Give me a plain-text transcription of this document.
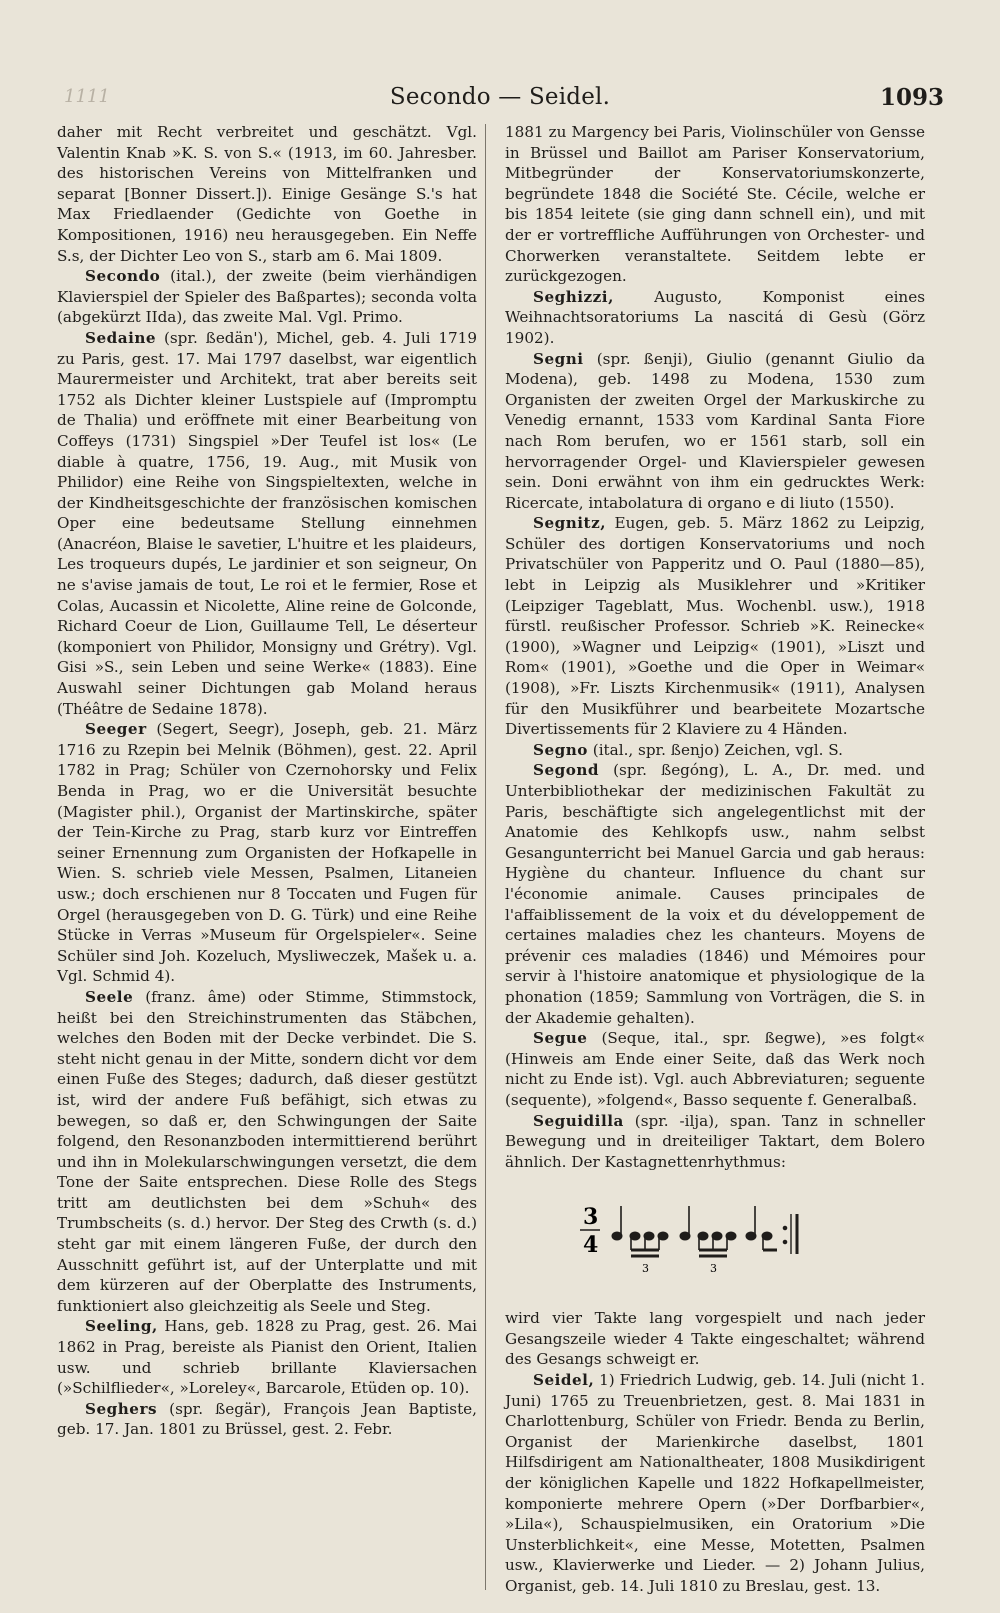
1111	Secondo — Seidel.	1093

daher mit Recht verbreitet und geschätzt. Vgl. Valentin Knab »K. S. von S.« (1913, im 60. Jahresber. des historischen Vereins von Mittelfranken und separat [Bonner Dissert.]). Einige Gesänge S.'s hat Max Friedlaender (Gedichte von Goethe in Kompositionen, 1916) neu herausgegeben. Ein Neffe S.s, der Dichter Leo von S., starb am 6. Mai 1809.

Secondo (ital.), der zweite (beim vierhändigen Klavierspiel der Spieler des Baßpartes); seconda volta (abgekürzt IIda), das zweite Mal. Vgl. Primo.

Sedaine (spr. ßedän'), Michel, geb. 4. Juli 1719 zu Paris, gest. 17. Mai 1797 daselbst, war eigentlich Maurermeister und Architekt, trat aber bereits seit 1752 als Dichter kleiner Lustspiele auf (Impromptu de Thalia) und eröffnete mit einer Bearbeitung von Coffeys (1731) Singspiel »Der Teufel ist los« (Le diable à quatre, 1756, 19. Aug., mit Musik von Philidor) eine Reihe von Singspieltexten, welche in der Kindheitsgeschichte der französischen komischen Oper eine bedeutsame Stellung einnehmen (Anacréon, Blaise le savetier, L'huitre et les plaideurs, Les troqueurs dupés, Le jardinier et son seigneur, On ne s'avise jamais de tout, Le roi et le fermier, Rose et Colas, Aucassin et Nicolette, Aline reine de Golconde, Richard Coeur de Lion, Guillaume Tell, Le déserteur (komponiert von Philidor, Monsigny und Grétry). Vgl. Gisi »S., sein Leben und seine Werke« (1883). Eine Auswahl seiner Dichtungen gab Moland heraus (Théâtre de Sedaine 1878).

Seeger (Segert, Seegr), Joseph, geb. 21. März 1716 zu Rzepin bei Melnik (Böhmen), gest. 22. April 1782 in Prag; Schüler von Czernohorsky und Felix Benda in Prag, wo er die Universität besuchte (Magister phil.), Organist der Martinskirche, später der Tein-Kirche zu Prag, starb kurz vor Eintreffen seiner Ernennung zum Organisten der Hofkapelle in Wien. S. schrieb viele Messen, Psalmen, Litaneien usw.; doch erschienen nur 8 Toccaten und Fugen für Orgel (herausgegeben von D. G. Türk) und eine Reihe Stücke in Verras »Museum für Orgelspieler«. Seine Schüler sind Joh. Kozeluch, Mysliweczek, Mašek u. a. Vgl. Schmid 4).

Seele (franz. âme) oder Stimme, Stimmstock, heißt bei den Streichinstrumenten das Stäbchen, welches den Boden mit der Decke verbindet. Die S. steht nicht genau in der Mitte, sondern dicht vor dem einen Fuße des Steges; dadurch, daß dieser gestützt ist, wird der andere Fuß befähigt, sich etwas zu bewegen, so daß er, den Schwingungen der Saite folgend, den Resonanzboden intermittierend berührt und ihn in Molekularschwingungen versetzt, die dem Tone der Saite entsprechen. Diese Rolle des Stegs tritt am deutlichsten bei dem »Schuh« des Trumbscheits (s. d.) hervor. Der Steg des Crwth (s. d.) steht gar mit einem längeren Fuße, der durch den Ausschnitt geführt ist, auf der Unterplatte und mit dem kürzeren auf der Oberplatte des Instruments, funktioniert also gleichzeitig als Seele und Steg.

Seeling, Hans, geb. 1828 zu Prag, gest. 26. Mai 1862 in Prag, bereiste als Pianist den Orient, Italien usw. und schrieb brillante Klaviersachen (»Schilflieder«, »Loreley«, Barcarole, Etüden op. 10).

Seghers (spr. ßegär), François Jean Baptiste, geb. 17. Jan. 1801 zu Brüssel, gest. 2. Febr.

1881 zu Margency bei Paris, Violinschüler von Gensse in Brüssel und Baillot am Pariser Konservatorium, Mitbegründer der Konservatoriumskonzerte, begründete 1848 die Société Ste. Cécile, welche er bis 1854 leitete (sie ging dann schnell ein), und mit der er vortreffliche Aufführungen von Orchester- und Chorwerken veranstaltete. Seitdem lebte er zurückgezogen.

Seghizzi, Augusto, Komponist eines Weihnachtsoratoriums La nascitá di Gesù (Görz 1902).

Segni (spr. ßenji), Giulio (genannt Giulio da Modena), geb. 1498 zu Modena, 1530 zum Organisten der zweiten Orgel der Markuskirche zu Venedig ernannt, 1533 vom Kardinal Santa Fiore nach Rom berufen, wo er 1561 starb, soll ein hervorragender Orgel- und Klavierspieler gewesen sein. Doni erwähnt von ihm ein gedrucktes Werk: Ricercate, intabolatura di organo e di liuto (1550).

Segnitz, Eugen, geb. 5. März 1862 zu Leipzig, Schüler des dortigen Konservatoriums und noch Privatschüler von Papperitz und O. Paul (1880—85), lebt in Leipzig als Musiklehrer und »Kritiker (Leipziger Tageblatt, Mus. Wochenbl. usw.), 1918 fürstl. reußischer Professor. Schrieb »K. Reinecke« (1900), »Wagner und Leipzig« (1901), »Liszt und Rom« (1901), »Goethe und die Oper in Weimar« (1908), »Fr. Liszts Kirchenmusik« (1911), Analysen für den Musikführer und bearbeitete Mozartsche Divertissements für 2 Klaviere zu 4 Händen.

Segno (ital., spr. ßenjo) Zeichen, vgl. S.

Segond (spr. ßegóng), L. A., Dr. med. und Unterbibliothekar der medizinischen Fakultät zu Paris, beschäftigte sich angelegentlichst mit der Anatomie des Kehlkopfs usw., nahm selbst Gesangunterricht bei Manuel Garcia und gab heraus: Hygiène du chanteur. Influence du chant sur l'économie animale. Causes principales de l'affaiblissement de la voix et du développement de certaines maladies chez les chanteurs. Moyens de prévenir ces maladies (1846) und Mémoires pour servir à l'histoire anatomique et physiologique de la phonation (1859; Sammlung von Vorträgen, die S. in der Akademie gehalten).

Segue (Seque, ital., spr. ßegwe), »es folgt« (Hinweis am Ende einer Seite, daß das Werk noch nicht zu Ende ist). Vgl. auch Abbreviaturen; seguente (sequente), »folgend«, Basso sequente f. Generalbaß.

Seguidilla (spr. -ilja), span. Tanz in schneller Bewegung und in dreiteiliger Taktart, dem Bolero ähnlich. Der Kastagnettenrhythmus:

3
4
3	3

wird vier Takte lang vorgespielt und nach jeder Gesangszeile wieder 4 Takte eingeschaltet; während des Gesangs schweigt er.

Seidel, 1) Friedrich Ludwig, geb. 14. Juli (nicht 1. Juni) 1765 zu Treuenbrietzen, gest. 8. Mai 1831 in Charlottenburg, Schüler von Friedr. Benda zu Berlin, Organist der Marienkirche daselbst, 1801 Hilfsdirigent am Nationaltheater, 1808 Musikdirigent der königlichen Kapelle und 1822 Hofkapellmeister, komponierte mehrere Opern (»Der Dorfbarbier«, »Lila«), Schauspielmusiken, ein Oratorium »Die Unsterblichkeit«, eine Messe, Motetten, Psalmen usw., Klavierwerke und Lieder. — 2) Johann Julius, Organist, geb. 14. Juli 1810 zu Breslau, gest. 13.
